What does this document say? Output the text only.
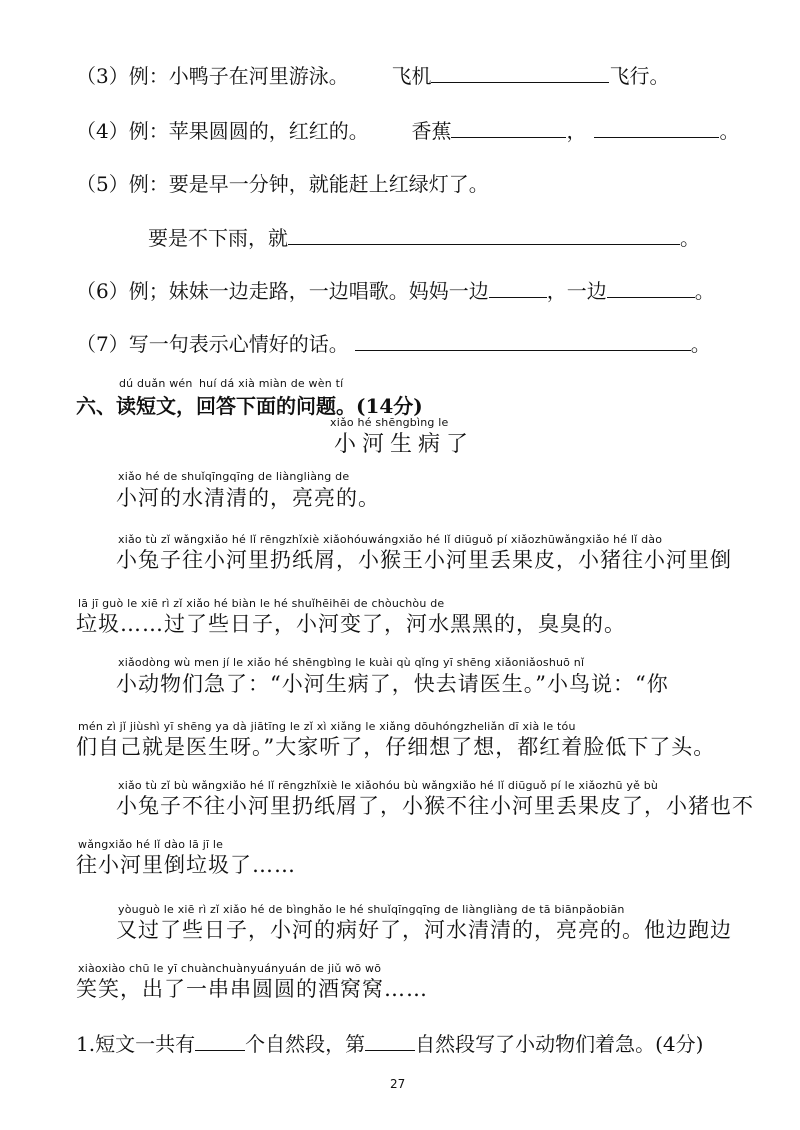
（3）例：小鸭子在河里游泳。 飞机	飞行。
（4）例：苹果圆圆的，红红的。 香蕉	，	。
（5）例：要是早一分钟，就能赶上红绿灯了。
要是不下雨，就	。
（6）例；妹妹一边走路，一边唱歌。妈妈一边	，一边	。
（7）写一句表示心情好的话。	。
dú duǎn wén huí dá xià miàn de wèn tí
六、读短文，回答下面的问题。(14分)
xiǎo hé shēngbìng le
小河生病了
xiǎo hé de shuǐqīngqīng de liàngliàng de
小河的水清清的，亮亮的。
xiǎo tù zǐ wǎngxiǎo hé lǐ rēngzhǐxiè xiǎohóuwángxiǎo hé lǐ diūguǒ pí xiǎozhūwǎngxiǎo hé lǐ dào
小兔子往小河里扔纸屑，小猴王小河里丢果皮，小猪往小河里倒
lā jī guò le xiē rì zǐ xiǎo hé biàn le hé shuǐhēihēi de chòuchòu de
垃圾……过了些日子，小河变了，河水黑黑的，臭臭的。
xiǎodòng wù men jí le xiǎo hé shēngbìng le kuài qù qǐng yī shēng xiǎoniǎoshuō nǐ
小动物们急了：“小河生病了，快去请医生。”小鸟说：“你
mén zì jǐ jiùshì yī shēng ya dà jiātīng le zǐ xì xiǎng le xiǎng dōuhóngzheliǎn dī xià le tóu
们自己就是医生呀。”大家听了，仔细想了想，都红着脸低下了头。
xiǎo tù zǐ bù wǎngxiǎo hé lǐ rēngzhǐxiè le xiǎohóu bù wǎngxiǎo hé lǐ diūguǒ pí le xiǎozhū yě bù
小兔子不往小河里扔纸屑了，小猴不往小河里丢果皮了，小猪也不
wǎngxiǎo hé lǐ dào lā jī le
往小河里倒垃圾了……
yòuguò le xiē rì zǐ xiǎo hé de bìnghǎo le hé shuǐqīngqīng de liàngliàng de tā biānpǎobiān
又过了些日子，小河的病好了，河水清清的，亮亮的。他边跑边
xiàoxiào chū le yī chuànchuànyuányuán de jiǔ wō wō
笑笑，出了一串串圆圆的酒窝窝……
1.短文一共有	个自然段，第	自然段写了小动物们着急。(4分)
27
